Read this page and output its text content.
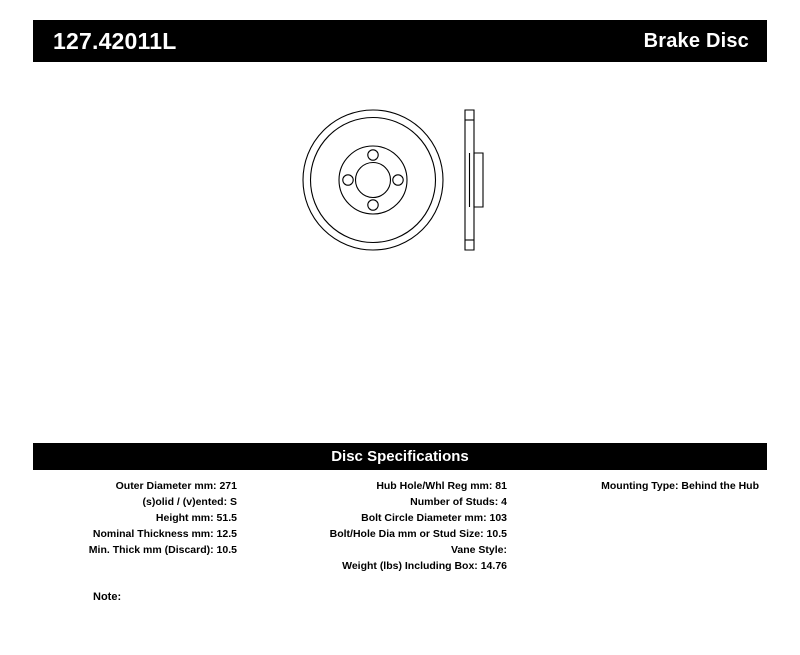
127.42011L	Brake Disc
Disc Specifications
Outer Diameter mm: 271
(s)olid / (v)ented: S
Height mm: 51.5
Nominal Thickness mm: 12.5
Min. Thick mm (Discard): 10.5
Hub Hole/Whl Reg mm: 81
Number of Studs: 4
Bolt Circle Diameter mm: 103
Bolt/Hole Dia mm or Stud Size: 10.5
Vane Style:
Weight (lbs) Including Box: 14.76
Mounting Type: Behind the Hub
Note:
